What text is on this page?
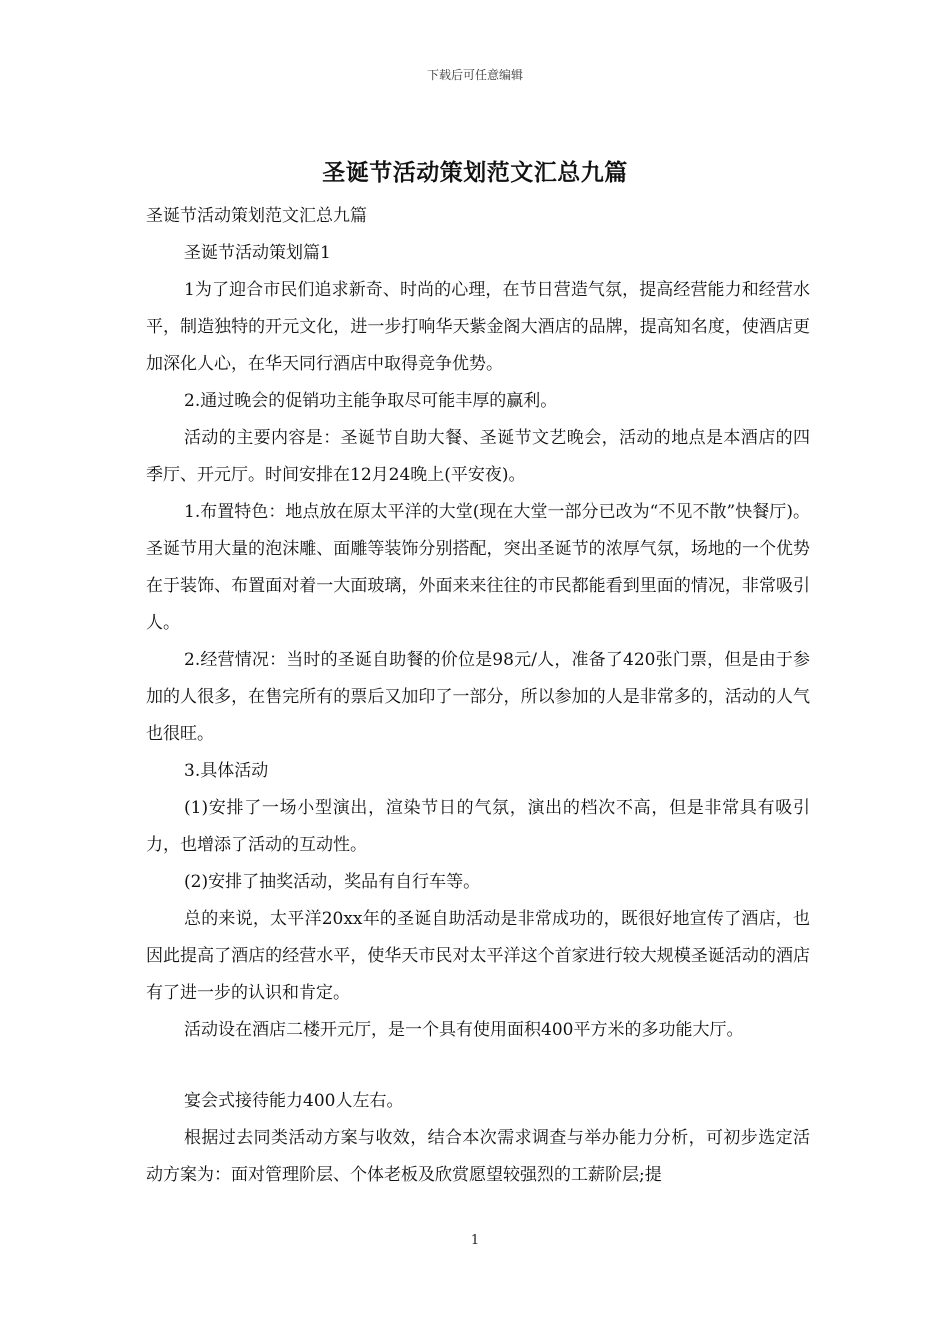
下载后可任意编辑
圣诞节活动策划范文汇总九篇

圣诞节活动策划范文汇总九篇

圣诞节活动策划篇1

1为了迎合市民们追求新奇、时尚的心理，在节日营造气氛，提高经营能力和经营水平，制造独特的开元文化，进一步打响华天紫金阁大酒店的品牌，提高知名度，使酒店更加深化人心，在华天同行酒店中取得竞争优势。

2.通过晚会的促销功主能争取尽可能丰厚的赢利。

活动的主要内容是：圣诞节自助大餐、圣诞节文艺晚会，活动的地点是本酒店的四季厅、开元厅。时间安排在12月24晚上(平安夜)。

1.布置特色：地点放在原太平洋的大堂(现在大堂一部分已改为“不见不散”快餐厅)。圣诞节用大量的泡沫雕、面雕等装饰分别搭配，突出圣诞节的浓厚气氛，场地的一个优势在于装饰、布置面对着一大面玻璃，外面来来往往的市民都能看到里面的情况，非常吸引人。

2.经营情况：当时的圣诞自助餐的价位是98元/人，准备了420张门票，但是由于参加的人很多，在售完所有的票后又加印了一部分，所以参加的人是非常多的，活动的人气也很旺。

3.具体活动

(1)安排了一场小型演出，渲染节日的气氛，演出的档次不高，但是非常具有吸引力，也增添了活动的互动性。

(2)安排了抽奖活动，奖品有自行车等。

总的来说，太平洋20xx年的圣诞自助活动是非常成功的，既很好地宣传了酒店，也因此提高了酒店的经营水平，使华天市民对太平洋这个首家进行较大规模圣诞活动的酒店有了进一步的认识和肯定。

活动设在酒店二楼开元厅，是一个具有使用面积400平方米的多功能大厅。

宴会式接待能力400人左右。

根据过去同类活动方案与收效，结合本次需求调查与举办能力分析，可初步选定活动方案为：面对管理阶层、个体老板及欣赏愿望较强烈的工薪阶层;提

1
